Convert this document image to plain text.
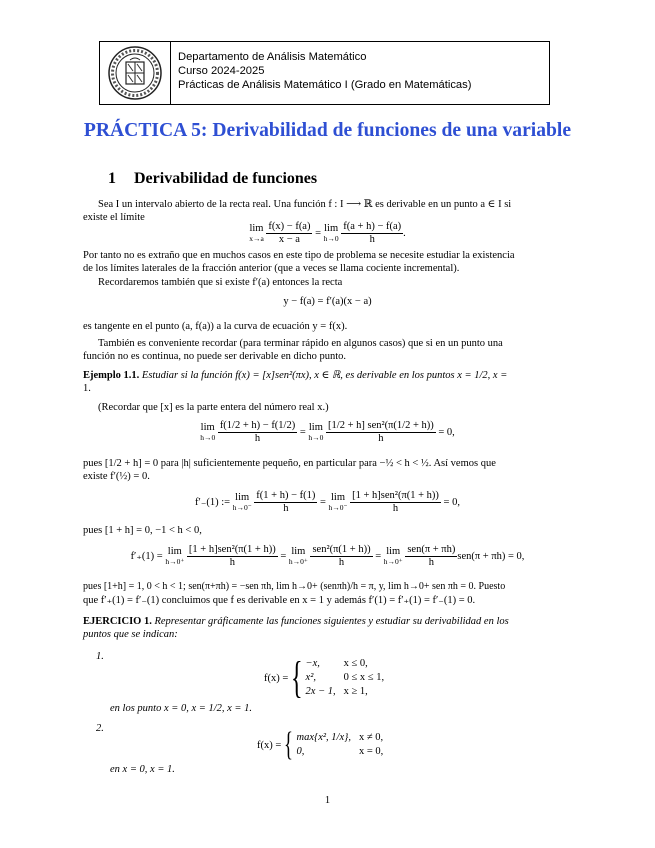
Departamento de Análisis Matemático
Curso 2024-2025
Prácticas de Análisis Matemático I (Grado en Matemáticas)
PRÁCTICA 5: Derivabilidad de funciones de una variable
1 Derivabilidad de funciones
Sea I un intervalo abierto de la recta real. Una función f : I ⟶ ℝ es derivable en un punto a ∈ I si
existe el límite
lim
x→a
$\frac{f(x) - f(a)}{x - a} = \lim$
h→0
$\frac{f(a + h) - f(a)}{h}$ .
Por tanto no es extraño que en muchos casos en este tipo de problema se necesite estudiar la existencia
de los límites laterales de la fracción anterior (que a veces se llama cociente incremental).
Recordaremos también que si existe f′(a) entonces la recta
y − f(a) = f′(a)(x − a)
es tangente en el punto (a, f(a)) a la curva de ecuación y = f(x).
También es conveniente recordar (para terminar rápido en algunos casos) que si en un punto una
función no es continua, no puede ser derivable en dicho punto.
Ejemplo 1.1. Estudiar si la función f(x) = [x]sen²(πx), x ∈ ℝ, es derivable en los puntos x = 1/2, x =
1.
(Recordar que [x] es la parte entera del número real x.)
lim
h→0
$\frac{f(1/2 + h) - f(1/2)}{h} = \lim$
h→0
$\frac{\text{[1/2 + h] sen²(π(1/2 + h))}}{h} = 0$,
pues [1/2 + h] = 0 para |h| suficientemente pequeño, en particular para −½ < h < ½. Así vemos que
existe f′(½) = 0.
f′₋(1) := lim
h→0⁻
$\frac{f(1 + h) - f(1)}{h} = \lim$
h→0⁻
$\frac{\text{[1 + h]sen²(π(1 + h))}}{h} = 0$,
pues [1 + h] = 0, −1 < h < 0,
f′₊(1) = lim
h→0⁺
$\frac{\text{[1 + h]sen²(π(1 + h))}}{h} = \lim$
h→0⁺
$\frac{\text{sen²(π(1 + h))}}{h} = \lim$
h→0⁺
$\frac{\text{sen(π + πh)}}{h} sen(\pi + \pi h) = 0$,
pues [1+h] = 1, 0 < h < 1; sen(π+πh) = −sen πh, lim h→0+ (senπh)/h = π, y, lim h→0+ sen πh = 0. Puesto
que f′₊(1) = f′₋(1) concluimos que f es derivable en x = 1 y además f′(1) = f′₊(1) = f′₋(1) = 0.
EJERCICIO 1. Representar gráficamente las funciones siguientes y estudiar su derivabilidad en los
puntos que se indican:
1.
f(x) = { −x,	x ≤ 0,
x²,	0 ≤ x ≤ 1,
2x − 1,	x ≥ 1,
en los punto x = 0, x = 1/2, x = 1.
2.
f(x) = { max{x², 1/x},	x ≠ 0,
0,	x = 0,
en x = 0, x = 1.
1
